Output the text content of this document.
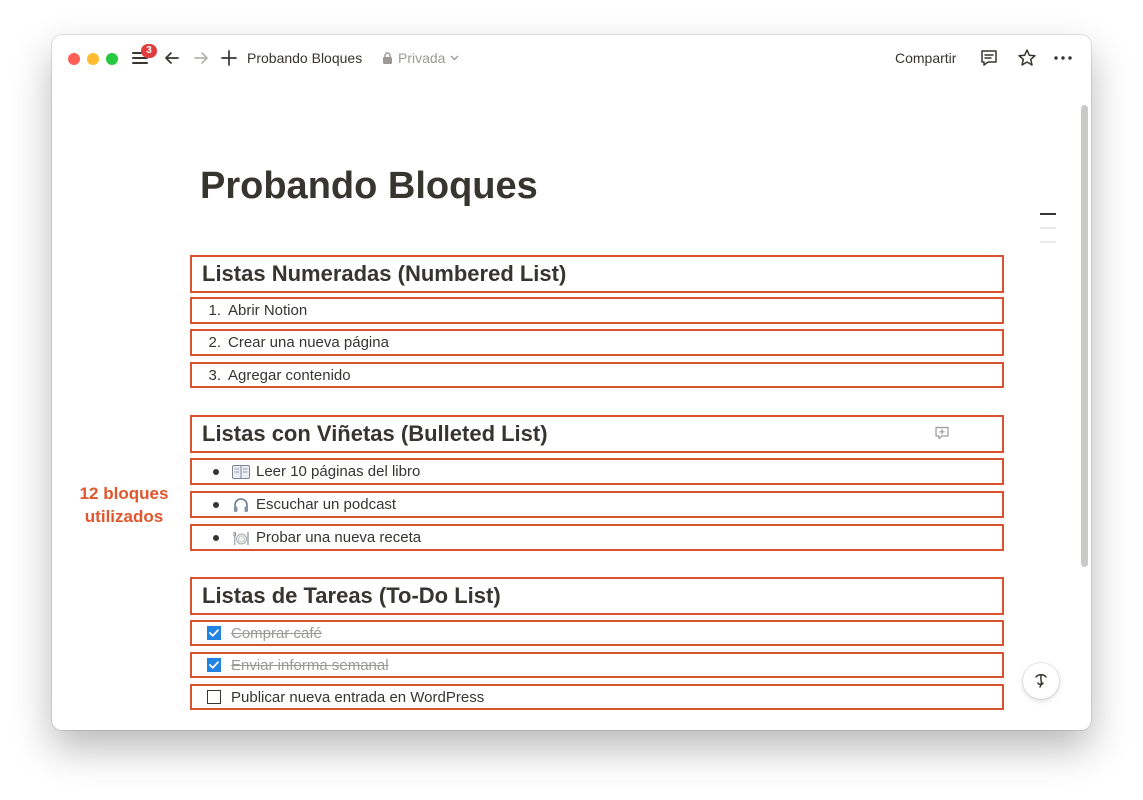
3	Probando Bloques	Privada	Compartir
Probando Bloques
Listas Numeradas (Numbered List)
1. Abrir Notion
2. Crear una nueva página
3. Agregar contenido
Listas con Viñetas (Bulleted List)
Leer 10 páginas del libro
Escuchar un podcast
Probar una nueva receta
Listas de Tareas (To-Do List)
Comprar café
Enviar informa semanal
Publicar nueva entrada en WordPress
12 bloques
utilizados
